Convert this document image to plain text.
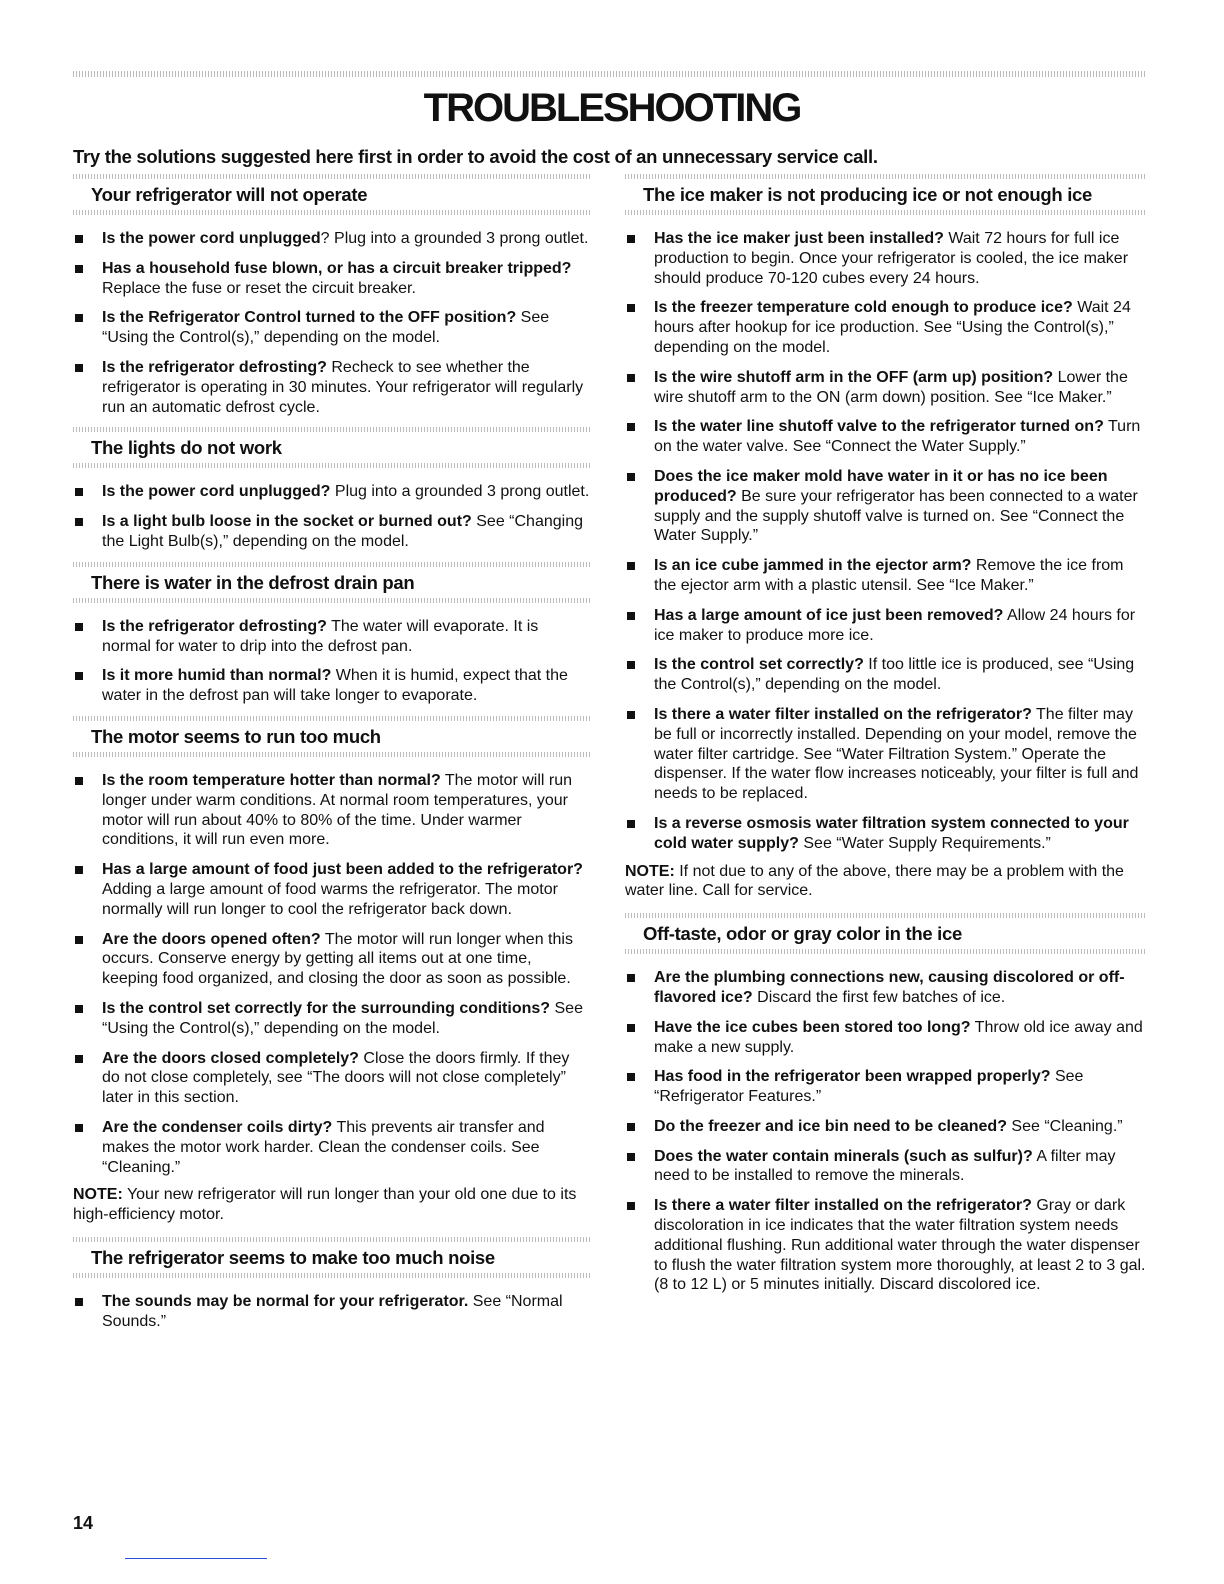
TROUBLESHOOTING
Try the solutions suggested here first in order to avoid the cost of an unnecessary service call.
Your refrigerator will not operate
Is the power cord unplugged? Plug into a grounded 3 prong outlet.
Has a household fuse blown, or has a circuit breaker tripped? Replace the fuse or reset the circuit breaker.
Is the Refrigerator Control turned to the OFF position? See “Using the Control(s),” depending on the model.
Is the refrigerator defrosting? Recheck to see whether the refrigerator is operating in 30 minutes. Your refrigerator will regularly run an automatic defrost cycle.
The lights do not work
Is the power cord unplugged? Plug into a grounded 3 prong outlet.
Is a light bulb loose in the socket or burned out? See “Changing the Light Bulb(s),” depending on the model.
There is water in the defrost drain pan
Is the refrigerator defrosting? The water will evaporate. It is normal for water to drip into the defrost pan.
Is it more humid than normal? When it is humid, expect that the water in the defrost pan will take longer to evaporate.
The motor seems to run too much
Is the room temperature hotter than normal? The motor will run longer under warm conditions. At normal room temperatures, your motor will run about 40% to 80% of the time. Under warmer conditions, it will run even more.
Has a large amount of food just been added to the refrigerator? Adding a large amount of food warms the refrigerator. The motor normally will run longer to cool the refrigerator back down.
Are the doors opened often? The motor will run longer when this occurs. Conserve energy by getting all items out at one time, keeping food organized, and closing the door as soon as possible.
Is the control set correctly for the surrounding conditions? See “Using the Control(s),” depending on the model.
Are the doors closed completely? Close the doors firmly. If they do not close completely, see “The doors will not close completely” later in this section.
Are the condenser coils dirty? This prevents air transfer and makes the motor work harder. Clean the condenser coils. See “Cleaning.”
NOTE: Your new refrigerator will run longer than your old one due to its high-efficiency motor.
The refrigerator seems to make too much noise
The sounds may be normal for your refrigerator. See “Normal Sounds.”
The ice maker is not producing ice or not enough ice
Has the ice maker just been installed? Wait 72 hours for full ice production to begin. Once your refrigerator is cooled, the ice maker should produce 70-120 cubes every 24 hours.
Is the freezer temperature cold enough to produce ice? Wait 24 hours after hookup for ice production. See “Using the Control(s),” depending on the model.
Is the wire shutoff arm in the OFF (arm up) position? Lower the wire shutoff arm to the ON (arm down) position. See “Ice Maker.”
Is the water line shutoff valve to the refrigerator turned on? Turn on the water valve. See “Connect the Water Supply.”
Does the ice maker mold have water in it or has no ice been produced? Be sure your refrigerator has been connected to a water supply and the supply shutoff valve is turned on. See “Connect the Water Supply.”
Is an ice cube jammed in the ejector arm? Remove the ice from the ejector arm with a plastic utensil. See “Ice Maker.”
Has a large amount of ice just been removed? Allow 24 hours for ice maker to produce more ice.
Is the control set correctly? If too little ice is produced, see “Using the Control(s),” depending on the model.
Is there a water filter installed on the refrigerator? The filter may be full or incorrectly installed. Depending on your model, remove the water filter cartridge. See “Water Filtration System.” Operate the dispenser. If the water flow increases noticeably, your filter is full and needs to be replaced.
Is a reverse osmosis water filtration system connected to your cold water supply? See “Water Supply Requirements.”
NOTE: If not due to any of the above, there may be a problem with the water line. Call for service.
Off-taste, odor or gray color in the ice
Are the plumbing connections new, causing discolored or off-flavored ice? Discard the first few batches of ice.
Have the ice cubes been stored too long? Throw old ice away and make a new supply.
Has food in the refrigerator been wrapped properly? See “Refrigerator Features.”
Do the freezer and ice bin need to be cleaned? See “Cleaning.”
Does the water contain minerals (such as sulfur)? A filter may need to be installed to remove the minerals.
Is there a water filter installed on the refrigerator? Gray or dark discoloration in ice indicates that the water filtration system needs additional flushing. Run additional water through the water dispenser to flush the water filtration system more thoroughly, at least 2 to 3 gal. (8 to 12 L) or 5 minutes initially. Discard discolored ice.
14
